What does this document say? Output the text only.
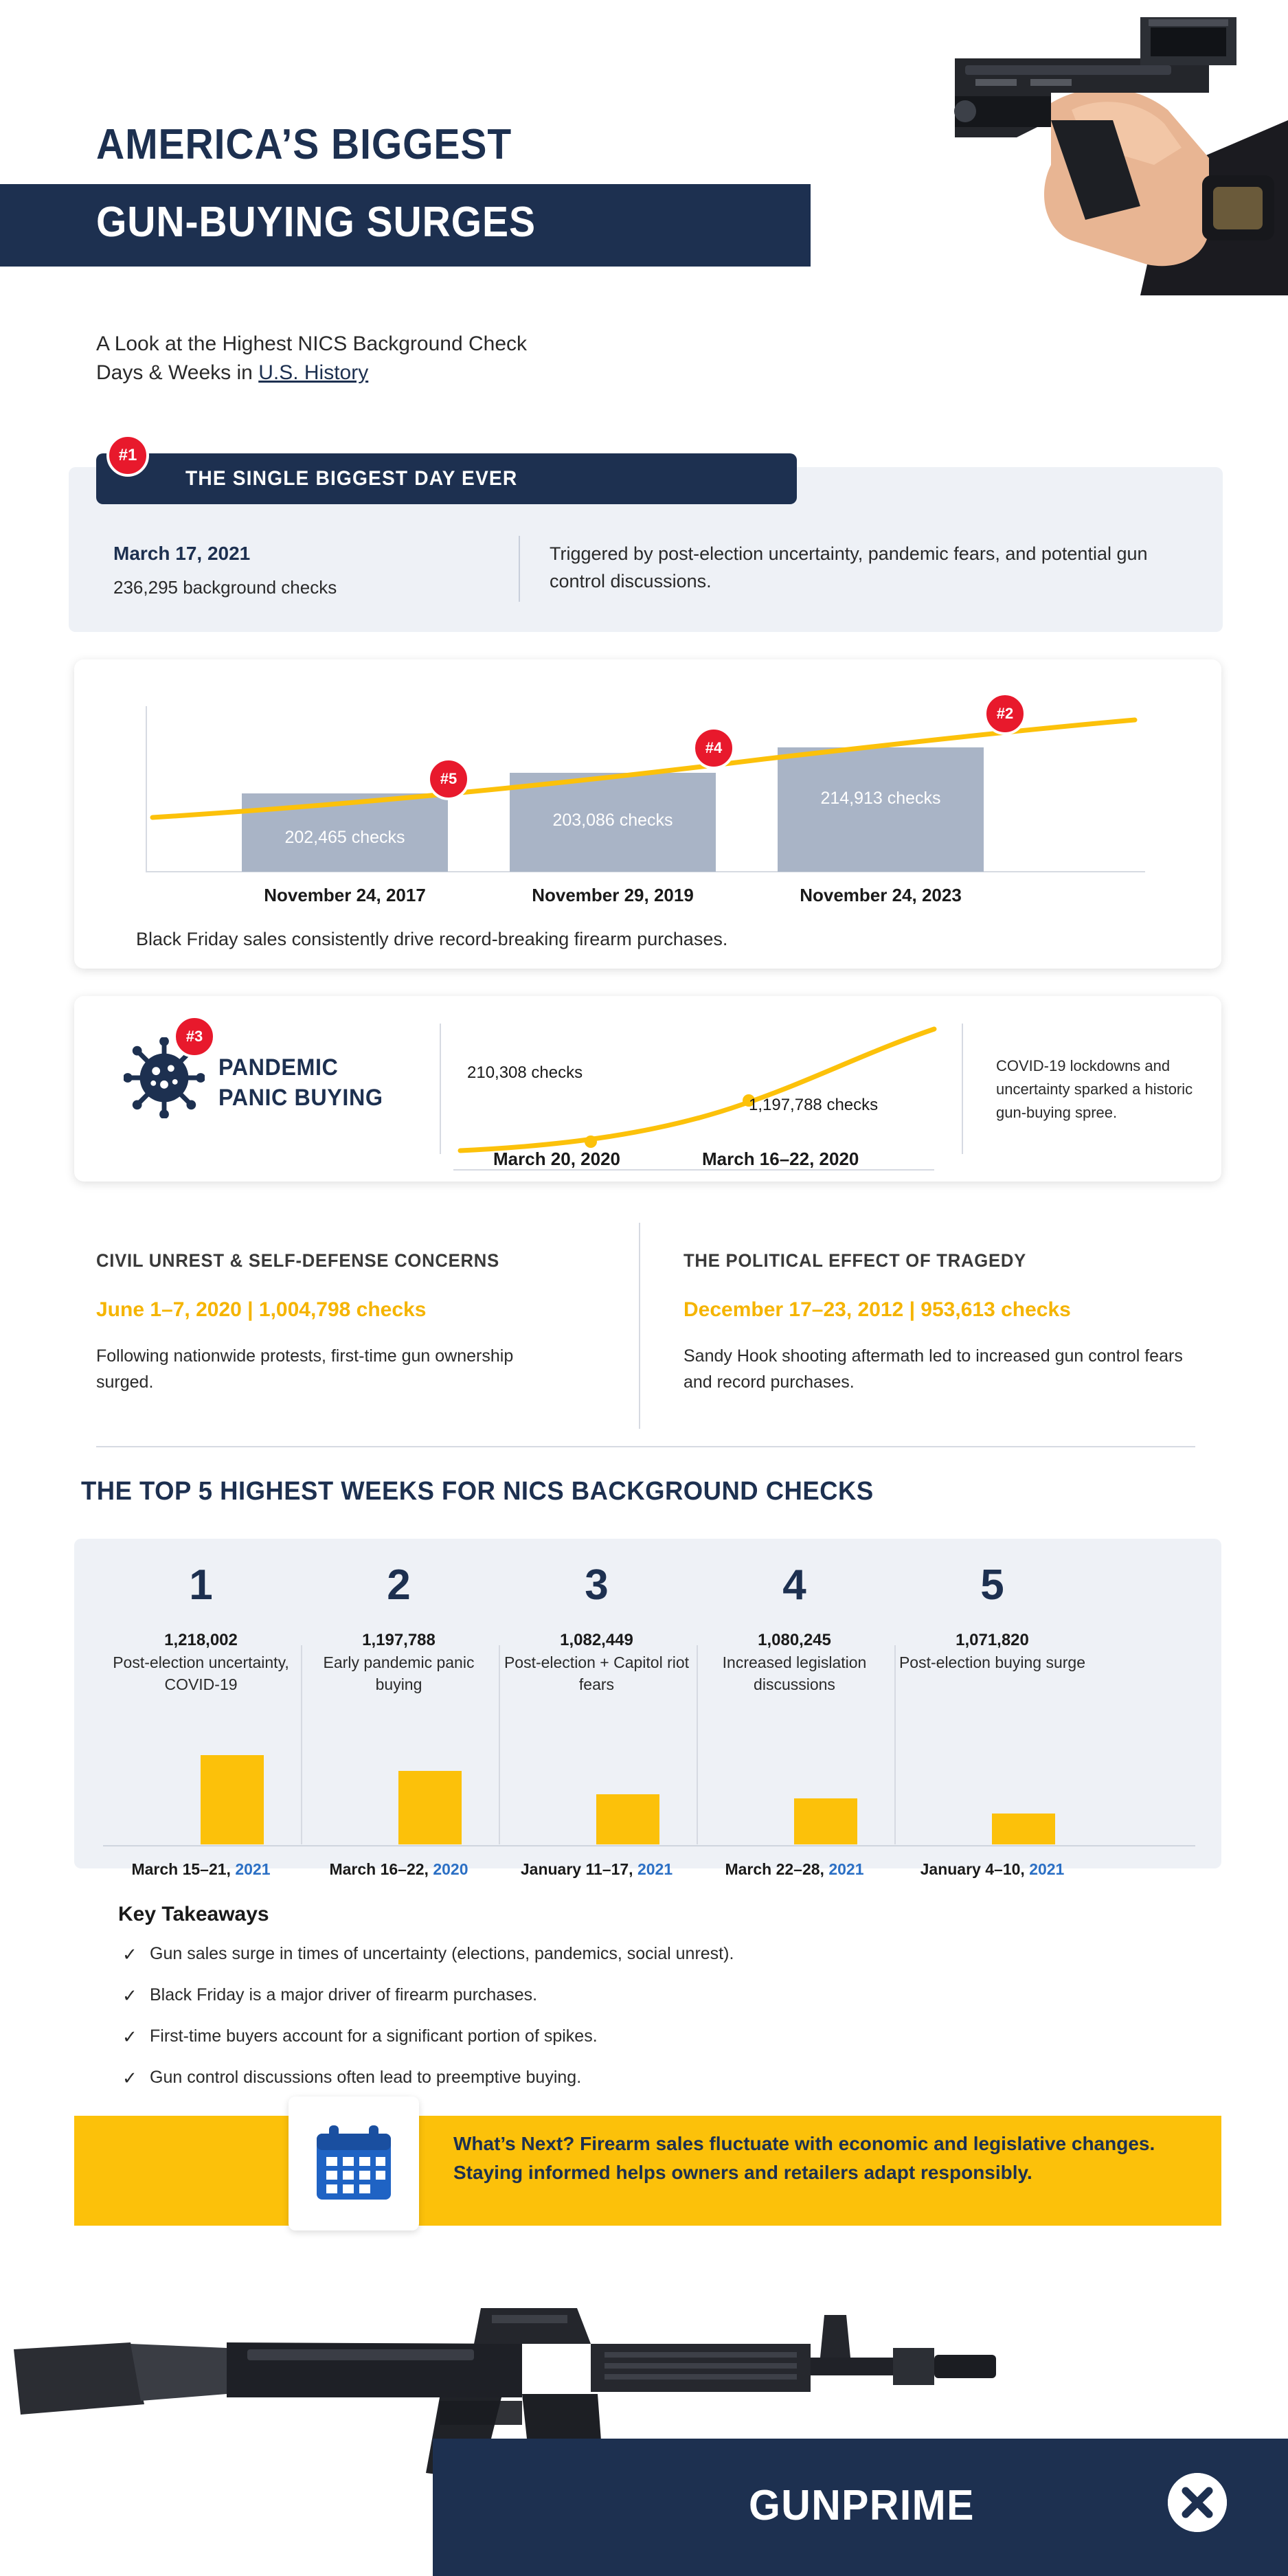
AMERICA’S BIGGEST
GUN-BUYING SURGES
A Look at the Highest NICS Background Check
Days & Weeks in U.S. History
THE SINGLE BIGGEST DAY EVER
#1
March 17, 2021
236,295 background checks
Triggered by post-election uncertainty, pandemic fears, and potential gun control discussions.
202,465 checks
203,086 checks
214,913 checks
#5
#4
#2
November 24, 2017	November 29, 2019	November 24, 2023
Black Friday sales consistently drive record-breaking firearm purchases.
#3
PANDEMIC
PANIC BUYING
210,308 checks
1,197,788 checks
March 20, 2020	March 16–22, 2020
COVID-19 lockdowns and uncertainty sparked a historic gun-buying spree.
CIVIL UNREST & SELF-DEFENSE CONCERNS
June 1–7, 2020 | 1,004,798 checks
Following nationwide protests, first-time gun ownership surged.
THE POLITICAL EFFECT OF TRAGEDY
December 17–23, 2012 | 953,613 checks
Sandy Hook shooting aftermath led to increased gun control fears and record purchases.
THE TOP 5 HIGHEST WEEKS FOR NICS BACKGROUND CHECKS
1
1,218,002
Post-election uncertainty, COVID-19
2
1,197,788
Early pandemic panic buying
3
1,082,449
Post-election + Capitol riot fears
4
1,080,245
Increased legislation discussions
5
1,071,820
Post-election buying surge
March 15–21, 2021	March 16–22, 2020	January 11–17, 2021	March 22–28, 2021	January 4–10, 2021
Key Takeaways
✓ Gun sales surge in times of uncertainty (elections, pandemics, social unrest).
✓ Black Friday is a major driver of firearm purchases.
✓ First-time buyers account for a significant portion of spikes.
✓ Gun control discussions often lead to preemptive buying.
What’s Next? Firearm sales fluctuate with economic and legislative changes. Staying informed helps owners and retailers adapt responsibly.
GUNPRIME
